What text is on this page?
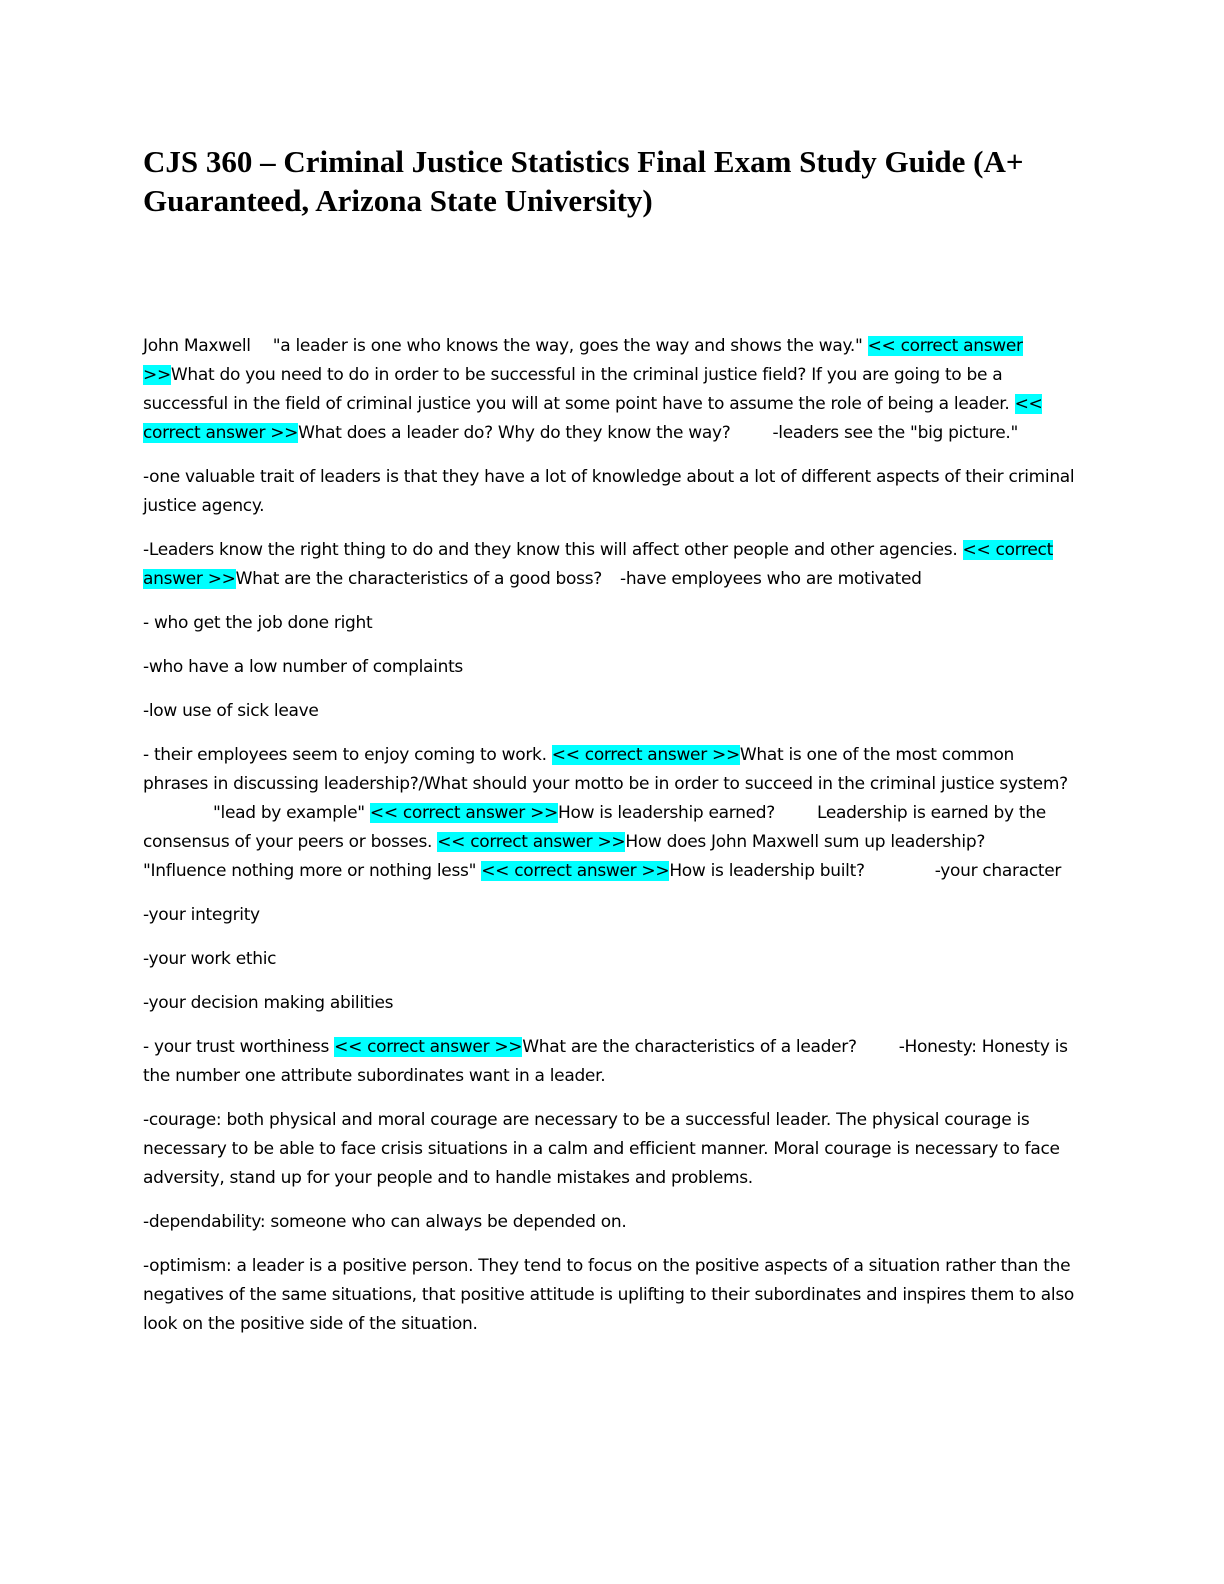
CJS 360 – Criminal Justice Statistics Final Exam Study Guide (A+ Guaranteed, Arizona State University)

John Maxwell "a leader is one who knows the way, goes the way and shows the way." << correct answer >>What do you need to do in order to be successful in the criminal justice field? If you are going to be a successful in the field of criminal justice you will at some point have to assume the role of being a leader. << correct answer >>What does a leader do? Why do they know the way? -leaders see the "big picture."

-one valuable trait of leaders is that they have a lot of knowledge about a lot of different aspects of their criminal justice agency.

-Leaders know the right thing to do and they know this will affect other people and other agencies. << correct answer >>What are the characteristics of a good boss? -have employees who are motivated

- who get the job done right

-who have a low number of complaints

-low use of sick leave

- their employees seem to enjoy coming to work. << correct answer >>What is one of the most common phrases in discussing leadership?/What should your motto be in order to succeed in the criminal justice system?"lead by example" << correct answer >>How is leadership earned? Leadership is earned by the consensus of your peers or bosses. << correct answer >>How does John Maxwell sum up leadership?"Influence nothing more or nothing less" << correct answer >>How is leadership built?	-your character

-your integrity

-your work ethic

-your decision making abilities

- your trust worthiness << correct answer >>What are the characteristics of a leader? -Honesty: Honesty is the number one attribute subordinates want in a leader.

-courage: both physical and moral courage are necessary to be a successful leader. The physical courage is necessary to be able to face crisis situations in a calm and efficient manner. Moral courage is necessary to face adversity, stand up for your people and to handle mistakes and problems.

-dependability: someone who can always be depended on.

-optimism: a leader is a positive person. They tend to focus on the positive aspects of a situation rather than the negatives of the same situations, that positive attitude is uplifting to their subordinates and inspires them to also look on the positive side of the situation.
